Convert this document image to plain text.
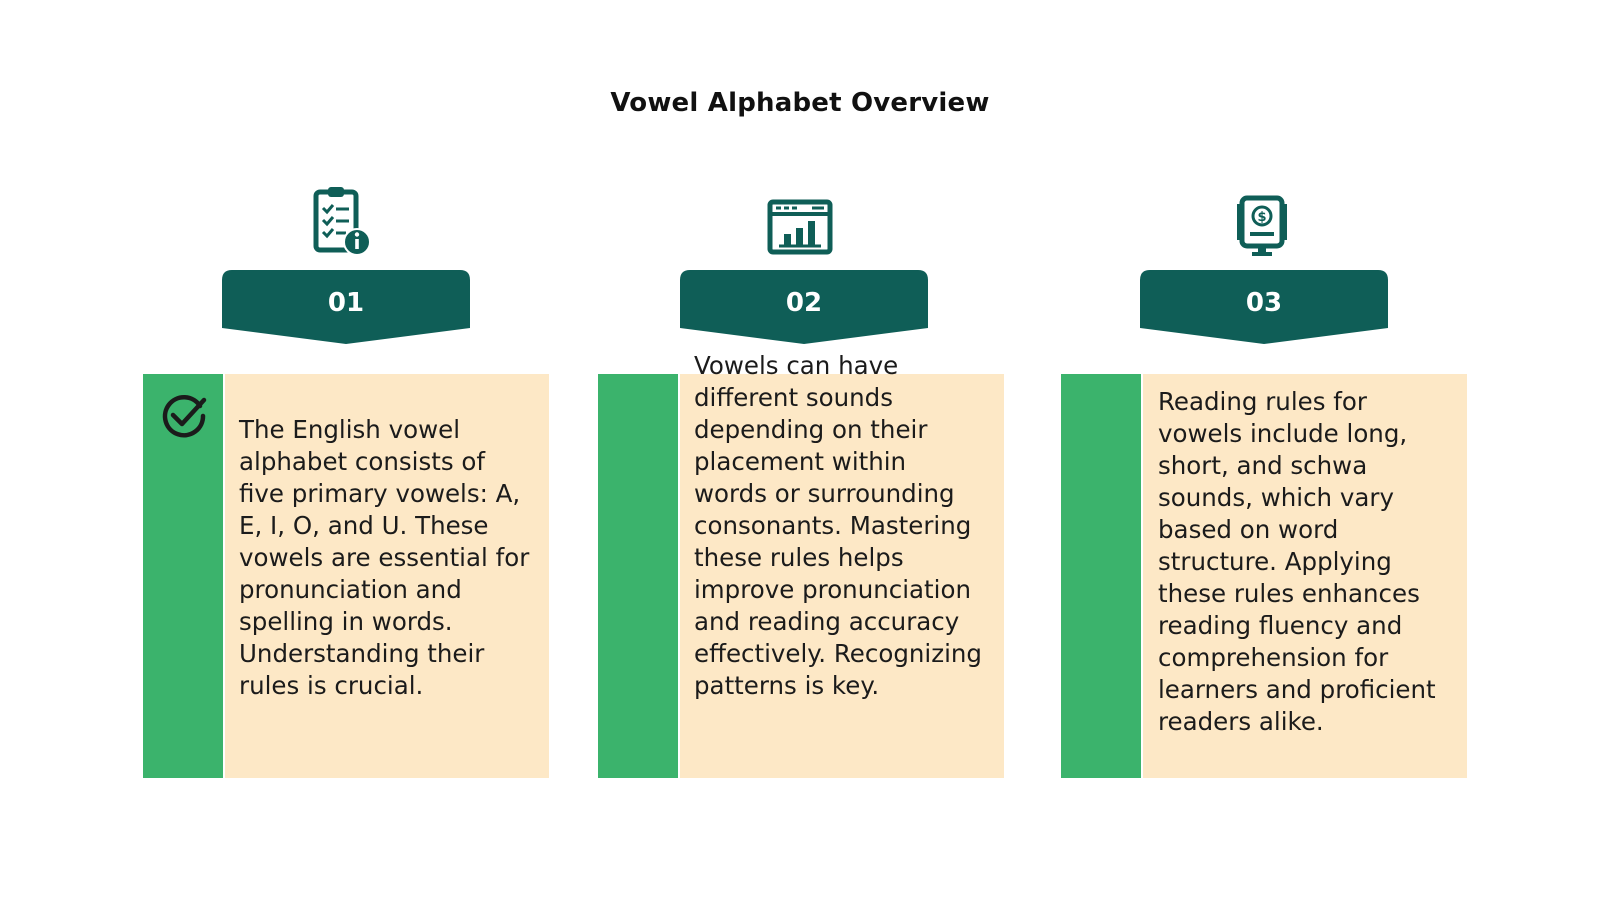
Vowel Alphabet Overview
01
The English vowel alphabet consists of five primary vowels: A, E, I, O, and U. These vowels are essential for pronunciation and spelling in words. Understanding their rules is crucial.
02
Vowels can have different sounds depending on their placement within words or surrounding consonants. Mastering these rules helps improve pronunciation and reading accuracy effectively. Recognizing patterns is key.
$
03
Reading rules for vowels include long, short, and schwa sounds, which vary based on word structure. Applying these rules enhances reading fluency and comprehension for learners and proficient readers alike.
